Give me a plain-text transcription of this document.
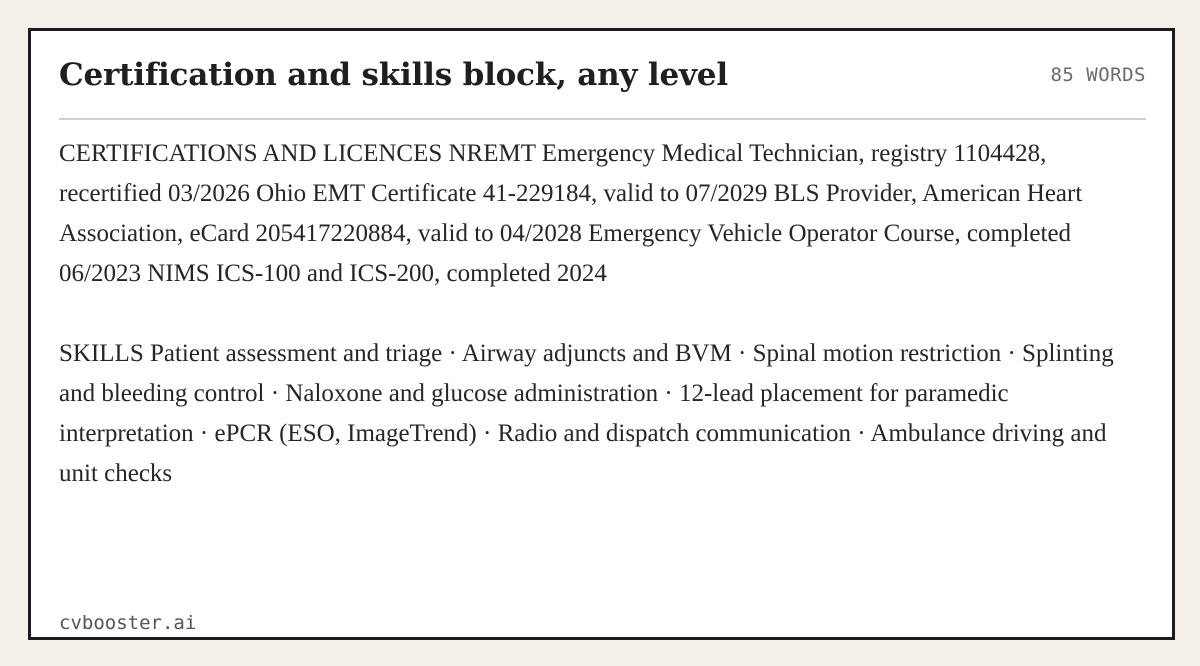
Certification and skills block, any level	85 WORDS

CERTIFICATIONS AND LICENCES NREMT Emergency Medical Technician, registry 1104428, recertified 03/2026 Ohio EMT Certificate 41-229184, valid to 07/2029 BLS Provider, American Heart Association, eCard 205417220884, valid to 04/2028 Emergency Vehicle Operator Course, completed 06/2023 NIMS ICS-100 and ICS-200, completed 2024

SKILLS Patient assessment and triage · Airway adjuncts and BVM · Spinal motion restriction · Splinting and bleeding control · Naloxone and glucose administration · 12-lead placement for paramedic interpretation · ePCR (ESO, ImageTrend) · Radio and dispatch communication · Ambulance driving and unit checks

cvbooster.ai
